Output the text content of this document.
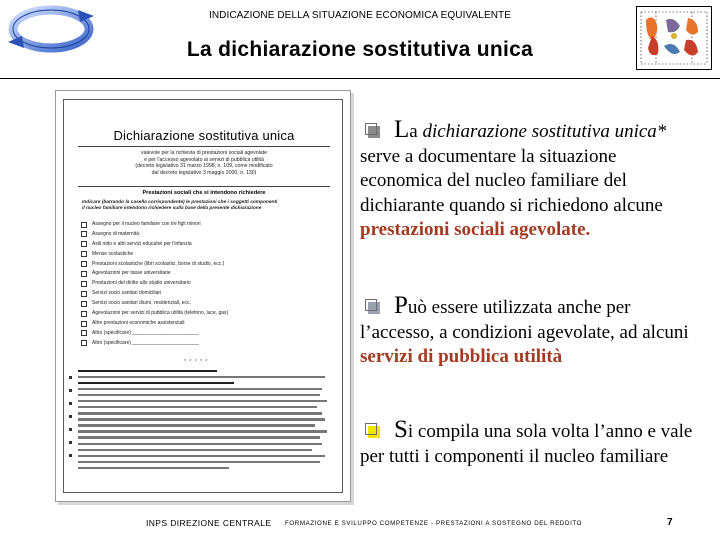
INDICAZIONE DELLA SITUAZIONE ECONOMICA EQUIVALENTE
La dichiarazione sostitutiva unica
Dichiarazione sostitutiva unica
valevole per la richiesta di prestazioni sociali agevolate
e per l'accesso agevolato ai servizi di pubblica utilità
(decreto legislativo 31 marzo 1998, n. 109, come modificato
dal decreto legislativo 3 maggio 2000, n. 130)
Prestazioni sociali che si intendono richiedere
Indicare (barrando la casella corrispondente) le prestazioni che i soggetti componenti
il nucleo familiare intendono richiedere sulla base della presente dichiarazione
Assegno per il nucleo familiare con tre figli minori
Assegno di maternità
Asili nido e altri servizi educativi per l'infanzia
Mense scolastiche
Prestazioni scolastiche (libri scolastici, borse di studio, ecc.)
Agevolazioni per tasse universitarie
Prestazioni del diritto allo studio universitario
Servizi socio sanitari domiciliari
Servizi socio sanitari diurni, residenziali, ecc.
Agevolazioni per servizi di pubblica utilità (telefono, luce, gas)
Altre prestazioni economiche assistenziali
Altro (specificare) ________________________
Altro (specificare) ________________________
* * * * *
La dichiarazione sostitutiva unica* serve a documentare la situazione economica del nucleo familiare del dichiarante quando si richiedono alcune prestazioni sociali agevolate.
Può essere utilizzata anche per l’accesso, a condizioni agevolate, ad alcuni servizi di pubblica utilità
Si compila una sola volta l’anno e vale per tutti i componenti il nucleo familiare
INPS DIREZIONE CENTRALE FORMAZIONE E SVILUPPO COMPETENZE - PRESTAZIONI A SOSTEGNO DEL REDDITO	7
